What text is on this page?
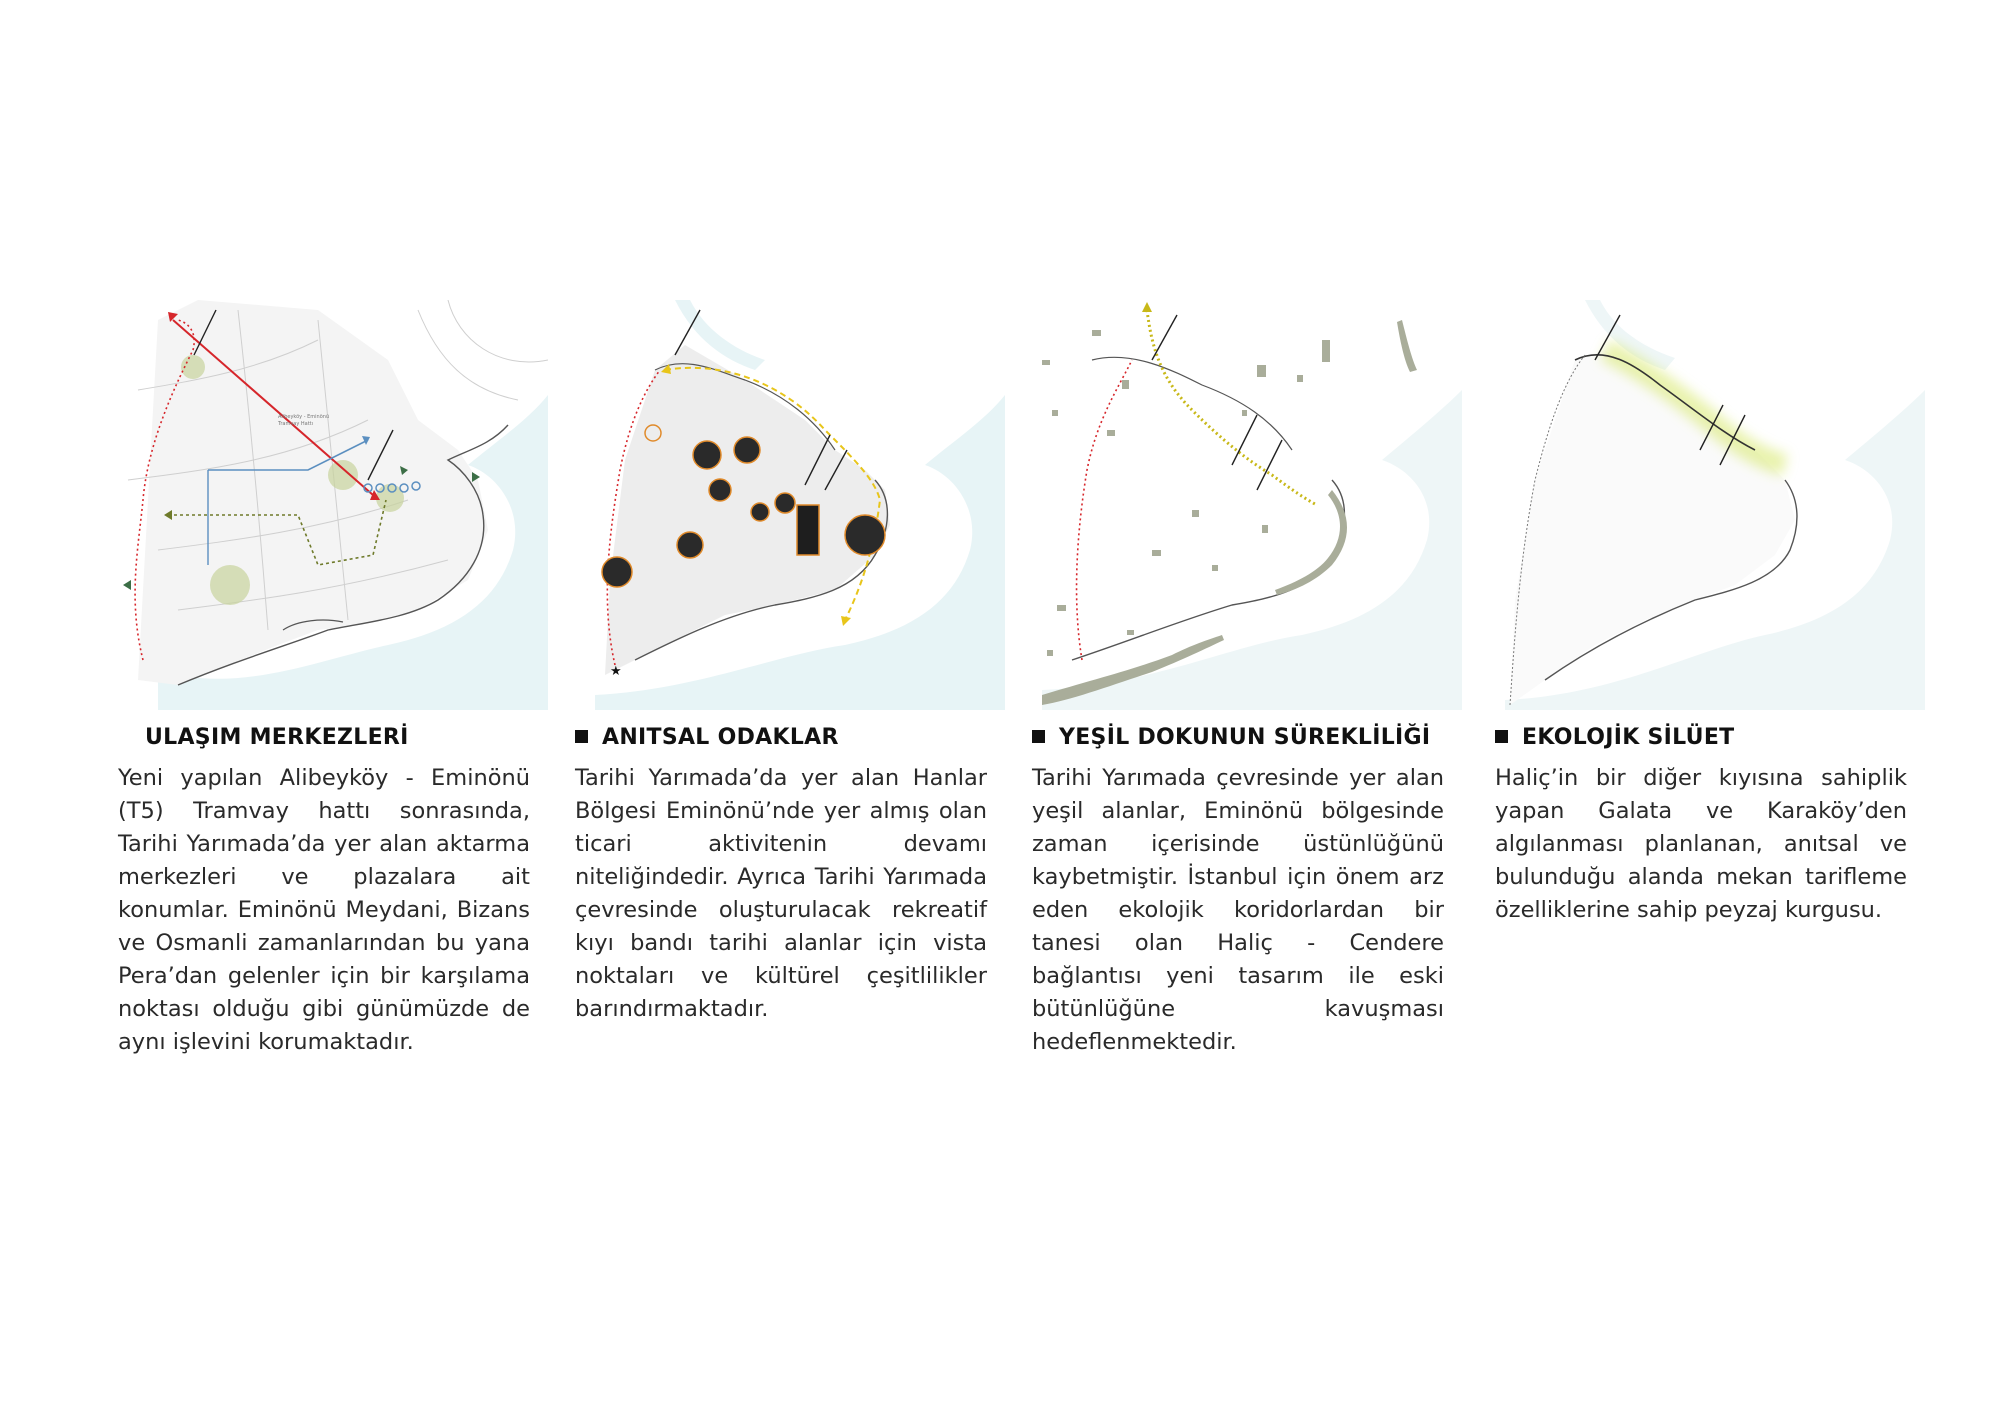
Alibeyköy - Eminönü
Tramvay Hattı
ULAŞIM MERKEZLERİ
Yeni yapılan Alibeyköy - Eminönü (T5) Tramvay hattı sonrasında, Tarihi Yarımada’da yer alan aktarma merkezleri ve plazalara ait konumlar. Eminönü Meydani, Bizans ve Osmanli zamanlarından bu yana Pera’dan gelenler için bir karşılama noktası olduğu gibi günümüzde de aynı işlevini korumaktadır.
★
ANITSAL ODAKLAR
Tarihi Yarımada’da yer alan Hanlar Bölgesi Eminönü’nde yer almış olan ticari aktivitenin devamı niteliğindedir. Ayrıca Tarihi Yarımada çevresinde oluşturulacak rekreatif kıyı bandı tarihi alanlar için vista noktaları ve kültürel çeşitlilikler barındırmaktadır.
YEŞİL DOKUNUN SÜREKLİLİĞİ
Tarihi Yarımada çevresinde yer alan yeşil alanlar, Eminönü bölgesinde zaman içerisinde üstünlüğünü kaybetmiştir. İstanbul için önem arz eden ekolojik koridorlardan bir tanesi olan Haliç - Cendere bağlantısı yeni tasarım ile eski bütünlüğüne kavuşması hedeflenmektedir.
EKOLOJİK SİLÜET
Haliç’in bir diğer kıyısına sahiplik yapan Galata ve Karaköy’den algılanması planlanan, anıtsal ve bulunduğu alanda mekan tarifleme özelliklerine sahip peyzaj kurgusu.
